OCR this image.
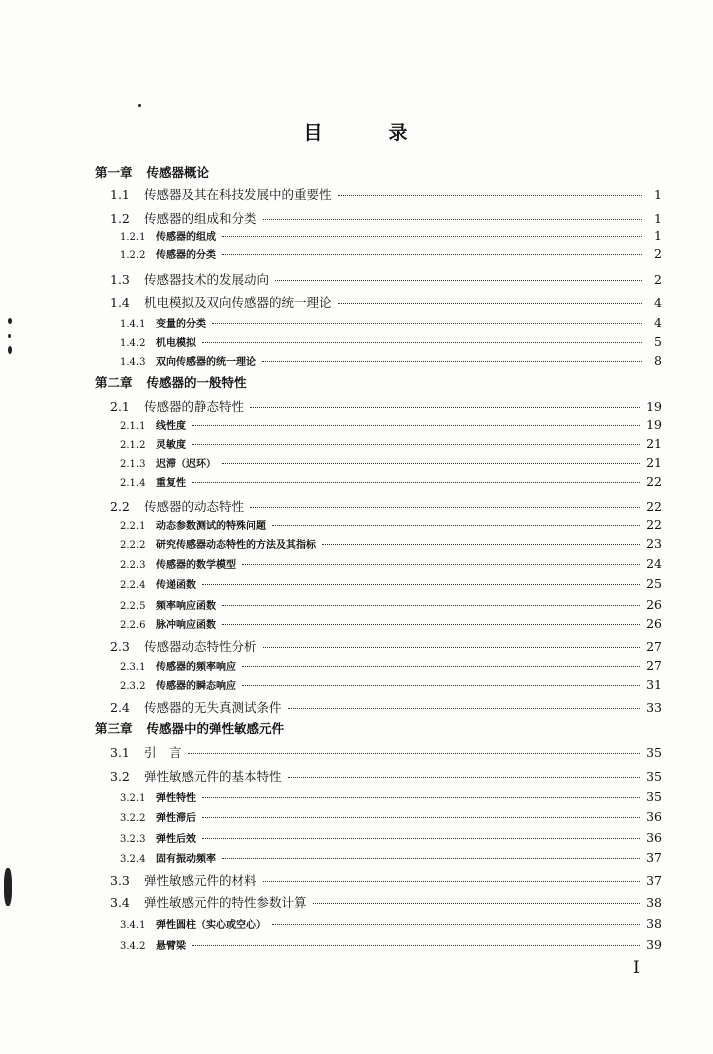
目	录
第一章 传感器概论
1.1	传感器及其在科技发展中的重要性	1
1.2	传感器的组成和分类	1
1.2.1	传感器的组成	1
1.2.2	传感器的分类	2
1.3	传感器技术的发展动向	2
1.4	机电模拟及双向传感器的统一理论	4
1.4.1	变量的分类	4
1.4.2	机电模拟	5
1.4.3	双向传感器的统一理论	8
第二章 传感器的一般特性
2.1	传感器的静态特性	19
2.1.1	线性度	19
2.1.2	灵敏度	21
2.1.3	迟滞（迟环）	21
2.1.4	重复性	22
2.2	传感器的动态特性	22
2.2.1	动态参数测试的特殊问题	22
2.2.2	研究传感器动态特性的方法及其指标	23
2.2.3	传感器的数学模型	24
2.2.4	传递函数	25
2.2.5	频率响应函数	26
2.2.6	脉冲响应函数	26
2.3	传感器动态特性分析	27
2.3.1	传感器的频率响应	27
2.3.2	传感器的瞬态响应	31
2.4	传感器的无失真测试条件	33
第三章 传感器中的弹性敏感元件
3.1	引　言	35
3.2	弹性敏感元件的基本特性	35
3.2.1	弹性特性	35
3.2.2	弹性滞后	36
3.2.3	弹性后效	36
3.2.4	固有振动频率	37
3.3	弹性敏感元件的材料	37
3.4	弹性敏感元件的特性参数计算	38
3.4.1	弹性圆柱（实心或空心）	38
3.4.2	悬臂梁	39
I
